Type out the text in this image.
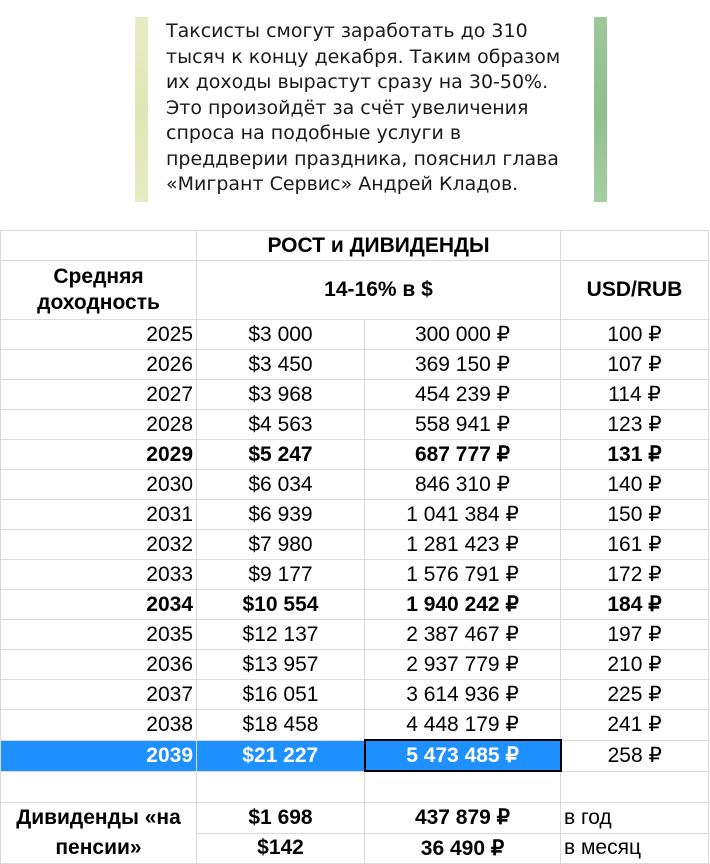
Таксисты смогут заработать до 310
тысяч к концу декабря. Таким образом
их доходы вырастут сразу на 30-50%.
Это произойдёт за счёт увеличения
спроса на подобные услуги в
преддверии праздника, пояснил глава
«Мигрант Сервис» Андрей Кладов.
	РОСТ и ДИВИДЕНДЫ		
Средняя доходность	14-16% в $		USD/RUB
2025	$3 000	300 000 ₽	100 ₽
2026	$3 450	369 150 ₽	107 ₽
2027	$3 968	454 239 ₽	114 ₽
2028	$4 563	558 941 ₽	123 ₽
2029	$5 247	687 777 ₽	131 ₽
2030	$6 034	846 310 ₽	140 ₽
2031	$6 939	1 041 384 ₽	150 ₽
2032	$7 980	1 281 423 ₽	161 ₽
2033	$9 177	1 576 791 ₽	172 ₽
2034	$10 554	1 940 242 ₽	184 ₽
2035	$12 137	2 387 467 ₽	197 ₽
2036	$13 957	2 937 779 ₽	210 ₽
2037	$16 051	3 614 936 ₽	225 ₽
2038	$18 458	4 448 179 ₽	241 ₽
2039	$21 227	5 473 485 ₽	258 ₽

Дивиденды «на пенсии»	$1 698	437 879 ₽	в год
	$142	36 490 ₽	в месяц
